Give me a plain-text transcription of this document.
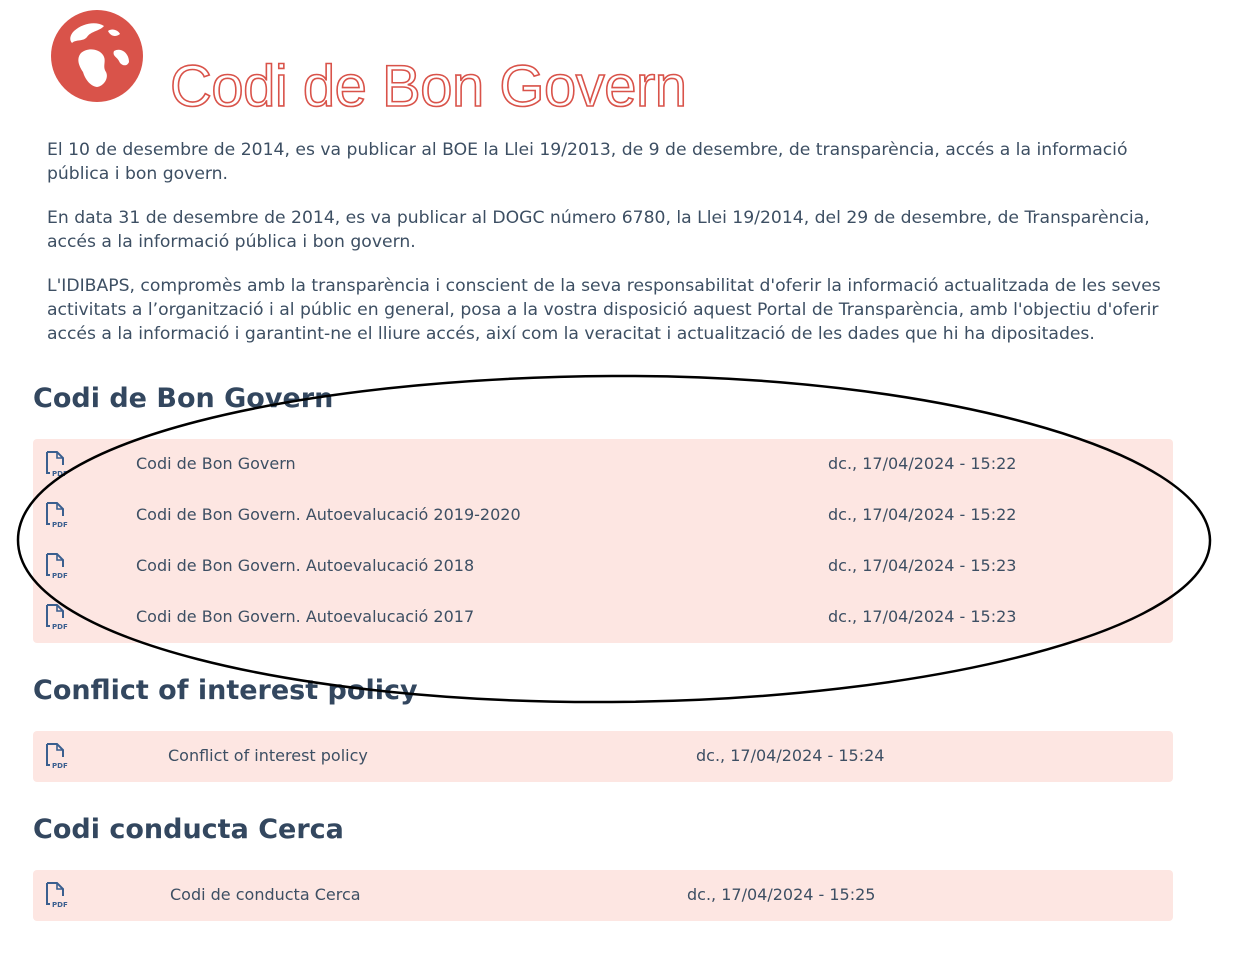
Codi de Bon Govern

El 10 de desembre de 2014, es va publicar al BOE la Llei 19/2013, de 9 de desembre, de transparència, accés a la informació pública i bon govern.

En data 31 de desembre de 2014, es va publicar al DOGC número 6780, la Llei 19/2014, del 29 de desembre, de Transparència, accés a la informació pública i bon govern.

L'IDIBAPS, compromès amb la transparència i conscient de la seva responsabilitat d'oferir la informació actualitzada de les seves activitats a l’organització i al públic en general, posa a la vostra disposició aquest Portal de Transparència, amb l'objectiu d'oferir accés a la informació i garantint-ne el lliure accés, així com la veracitat i actualització de les dades que hi ha dipositades.

Codi de Bon Govern
PDF
Codi de Bon Govern	dc., 17/04/2024 - 15:22
PDF
Codi de Bon Govern. Autoevalucació 2019-2020	dc., 17/04/2024 - 15:22
PDF
Codi de Bon Govern. Autoevalucació 2018	dc., 17/04/2024 - 15:23
PDF
Codi de Bon Govern. Autoevalucació 2017	dc., 17/04/2024 - 15:23
Conflict of interest policy
PDF
Conflict of interest policy	dc., 17/04/2024 - 15:24
Codi conducta Cerca
PDF
Codi de conducta Cerca	dc., 17/04/2024 - 15:25
